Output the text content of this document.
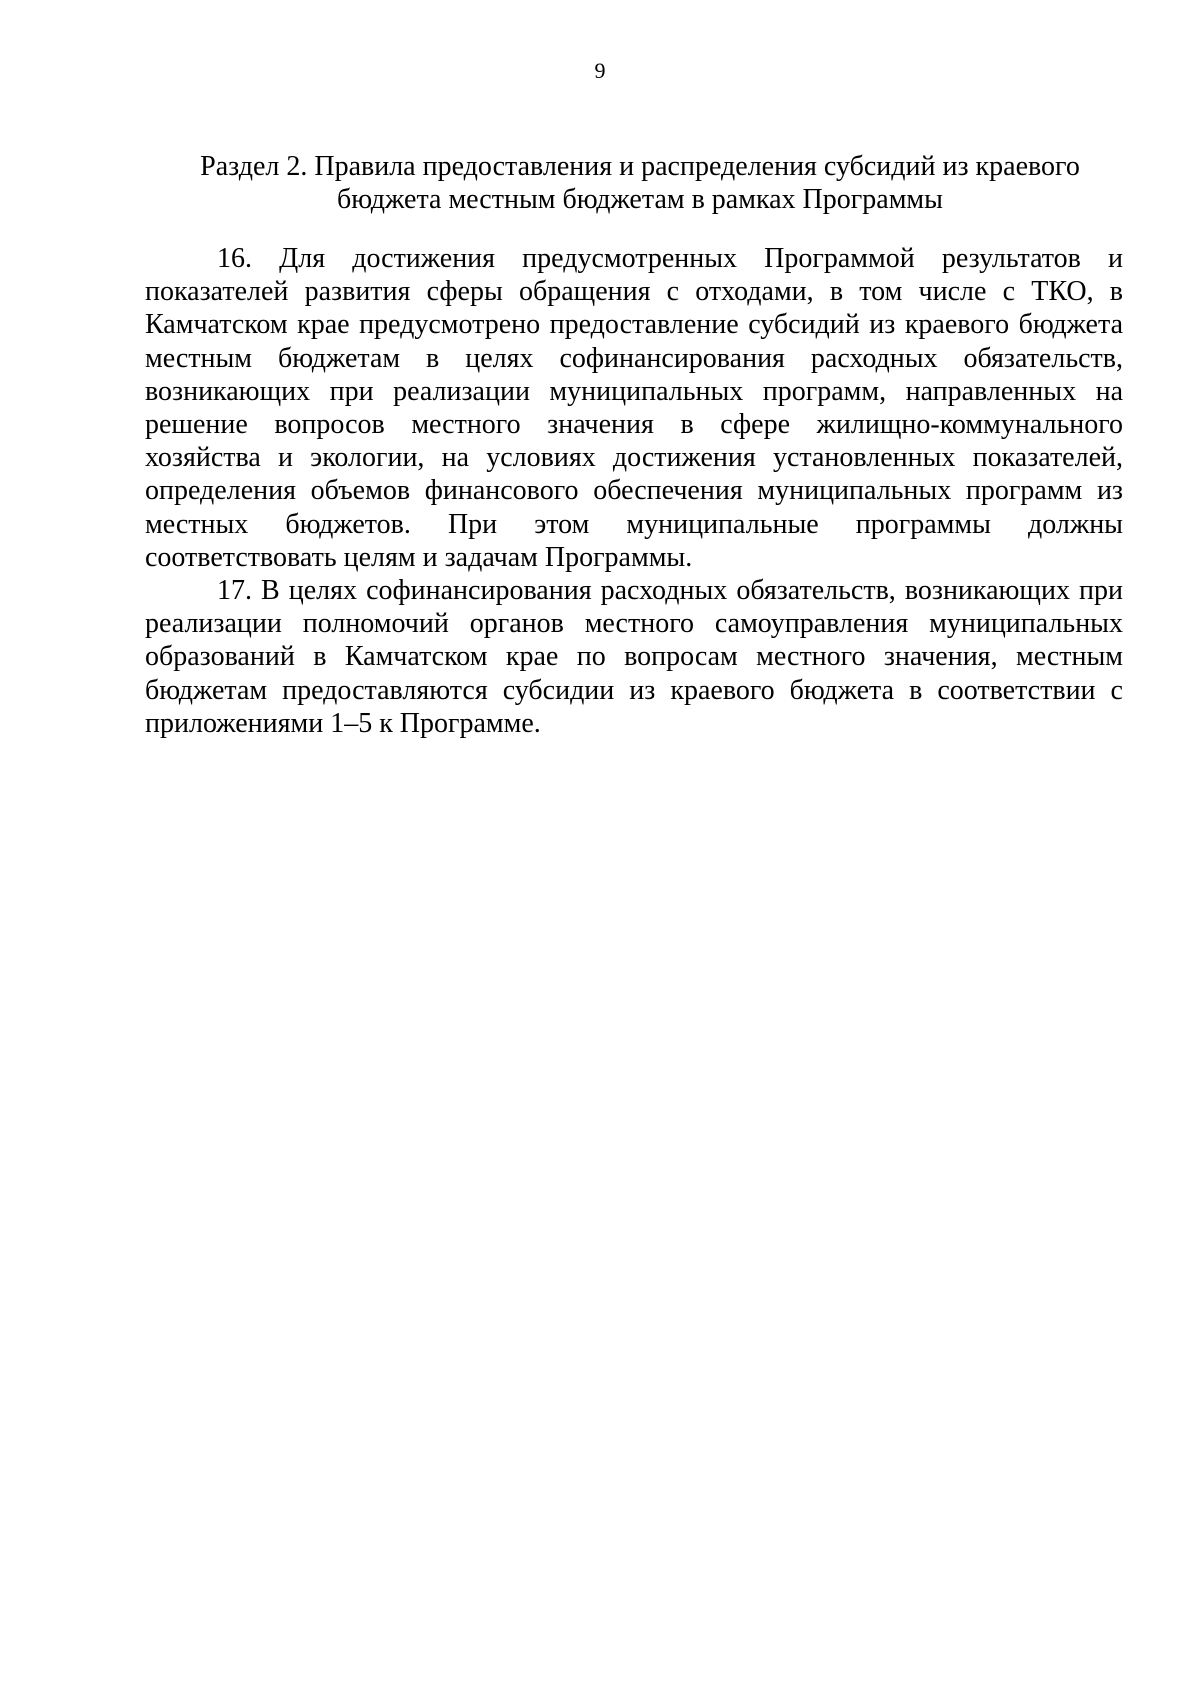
9
Раздел 2. Правила предоставления и распределения субсидий из краевого
бюджета местным бюджетам в рамках Программы

16. Для достижения предусмотренных Программой результатов и показателей развития сферы обращения с отходами, в том числе с ТКО, в Камчатском крае предусмотрено предоставление субсидий из краевого бюджета местным бюджетам в целях софинансирования расходных обязательств, возникающих при реализации муниципальных программ, направленных на решение вопросов местного значения в сфере жилищно-коммунального хозяйства и экологии, на условиях достижения установленных показателей, определения объемов финансового обеспечения муниципальных программ из местных бюджетов. При этом муниципальные программы должны соответствовать целям и задачам Программы.

17. В целях софинансирования расходных обязательств, возникающих при реализации полномочий органов местного самоуправления муниципальных образований в Камчатском крае по вопросам местного значения, местным бюджетам предоставляются субсидии из краевого бюджета в соответствии с приложениями 1–5 к Программе.
